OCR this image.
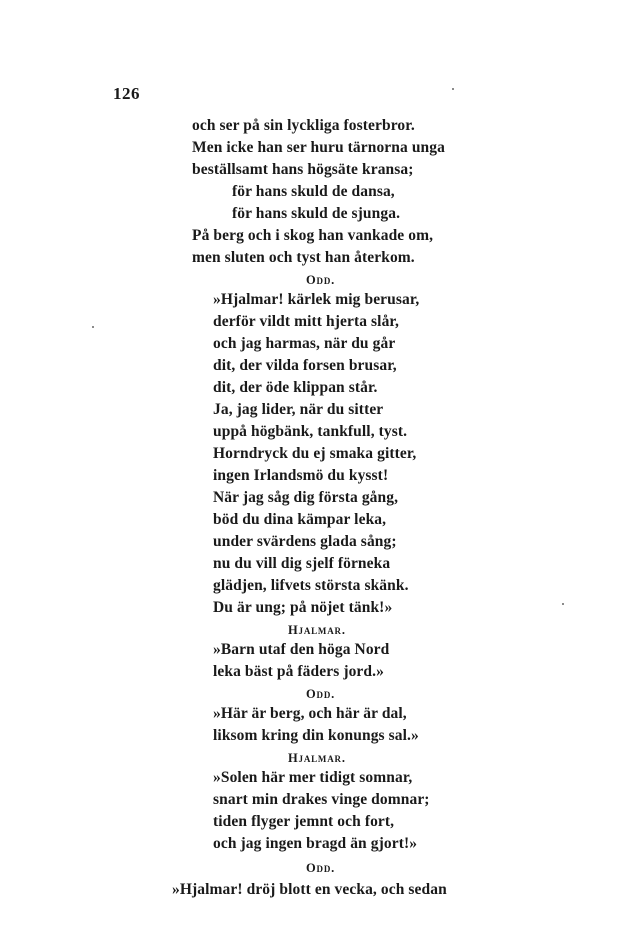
126
och ser på sin lyckliga fosterbror.
Men icke han ser huru tärnorna unga
beställsamt hans högsäte kransa;
för hans skuld de dansa,
för hans skuld de sjunga.
På berg och i skog han vankade om,
men sluten och tyst han återkom.
Odd.
»Hjalmar! kärlek mig berusar,
derför vildt mitt hjerta slår,
och jag harmas, när du går
dit, der vilda forsen brusar,
dit, der öde klippan står.
Ja, jag lider, när du sitter
uppå högbänk, tankfull, tyst.
Horndryck du ej smaka gitter,
ingen Irlandsmö du kysst!
När jag såg dig första gång,
böd du dina kämpar leka,
under svärdens glada sång;
nu du vill dig sjelf förneka
glädjen, lifvets största skänk.
Du är ung; på nöjet tänk!»
Hjalmar.
»Barn utaf den höga Nord
leka bäst på fäders jord.»
Odd.
»Här är berg, och här är dal,
liksom kring din konungs sal.»
Hjalmar.
»Solen här mer tidigt somnar,
snart min drakes vinge domnar;
tiden flyger jemnt och fort,
och jag ingen bragd än gjort!»
Odd.
»Hjalmar! dröj blott en vecka, och sedan
